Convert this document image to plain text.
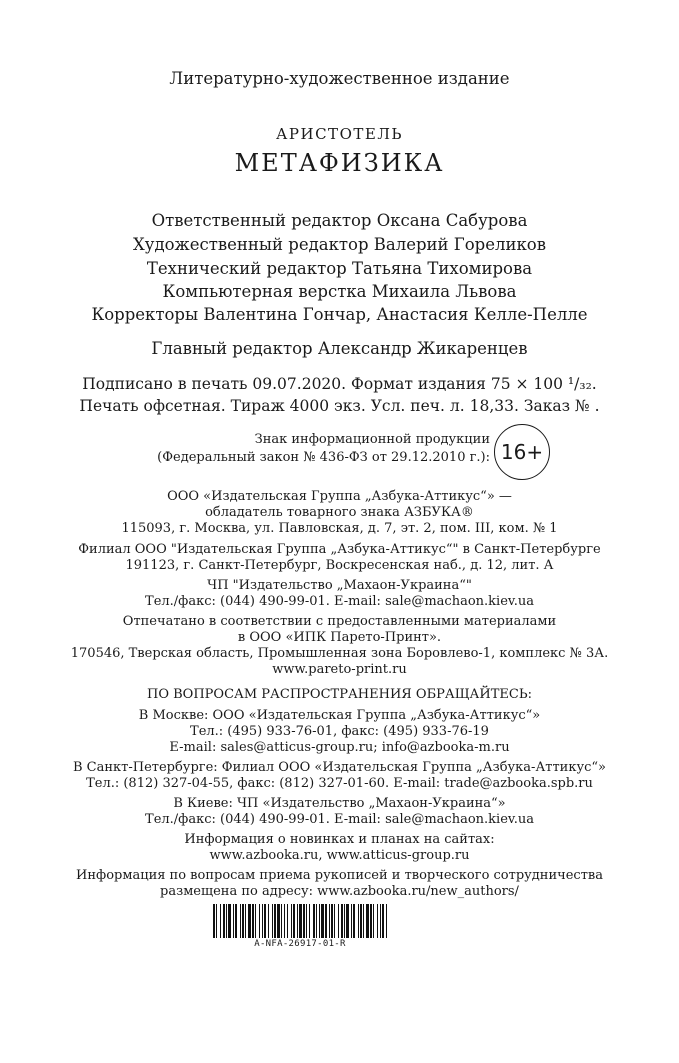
Литературно-художественное издание
АРИСТОТЕЛЬ
МЕТАФИЗИКА
Ответственный редактор Оксана Сабурова
Художественный редактор Валерий Гореликов
Технический редактор Татьяна Тихомирова
Компьютерная верстка Михаила Львова
Корректоры Валентина Гончар, Анастасия Келле-Пелле
Главный редактор Александр Жикаренцев
Подписано в печать 09.07.2020. Формат издания 75 × 100 ¹/₃₂.
Печать офсетная. Тираж 4000 экз. Усл. печ. л. 18,33. Заказ № .
Знак информационной продукции
(Федеральный закон № 436-ФЗ от 29.12.2010 г.): 16+
ООО «Издательская Группа „Азбука-Аттикус“» —
обладатель товарного знака АЗБУКА®
115093, г. Москва, ул. Павловская, д. 7, эт. 2, пом. III, ком. № 1
Филиал ООО "Издательская Группа „Азбука-Аттикус“" в Санкт-Петербурге
191123, г. Санкт-Петербург, Воскресенская наб., д. 12, лит. А
ЧП "Издательство „Махаон-Украина“"
Тел./факс: (044) 490-99-01. E-mail: sale@machaon.kiev.ua
Отпечатано в соответствии с предоставленными материалами
в ООО «ИПК Парето-Принт».
170546, Тверская область, Промышленная зона Боровлево-1, комплекс № 3А.
www.pareto-print.ru
ПО ВОПРОСАМ РАСПРОСТРАНЕНИЯ ОБРАЩАЙТЕСЬ:
В Москве: ООО «Издательская Группа „Азбука-Аттикус“»
Тел.: (495) 933-76-01, факс: (495) 933-76-19
E-mail: sales@atticus-group.ru; info@azbooka-m.ru
В Санкт-Петербурге: Филиал ООО «Издательская Группа „Азбука-Аттикус“»
Тел.: (812) 327-04-55, факс: (812) 327-01-60. E-mail: trade@azbooka.spb.ru
В Киеве: ЧП «Издательство „Махаон-Украина“»
Тел./факс: (044) 490-99-01. E-mail: sale@machaon.kiev.ua
Информация о новинках и планах на сайтах:
www.azbooka.ru, www.atticus-group.ru
Информация по вопросам приема рукописей и творческого сотрудничества
размещена по адресу: www.azbooka.ru/new_authors/
A-NFA-26917-01-R
